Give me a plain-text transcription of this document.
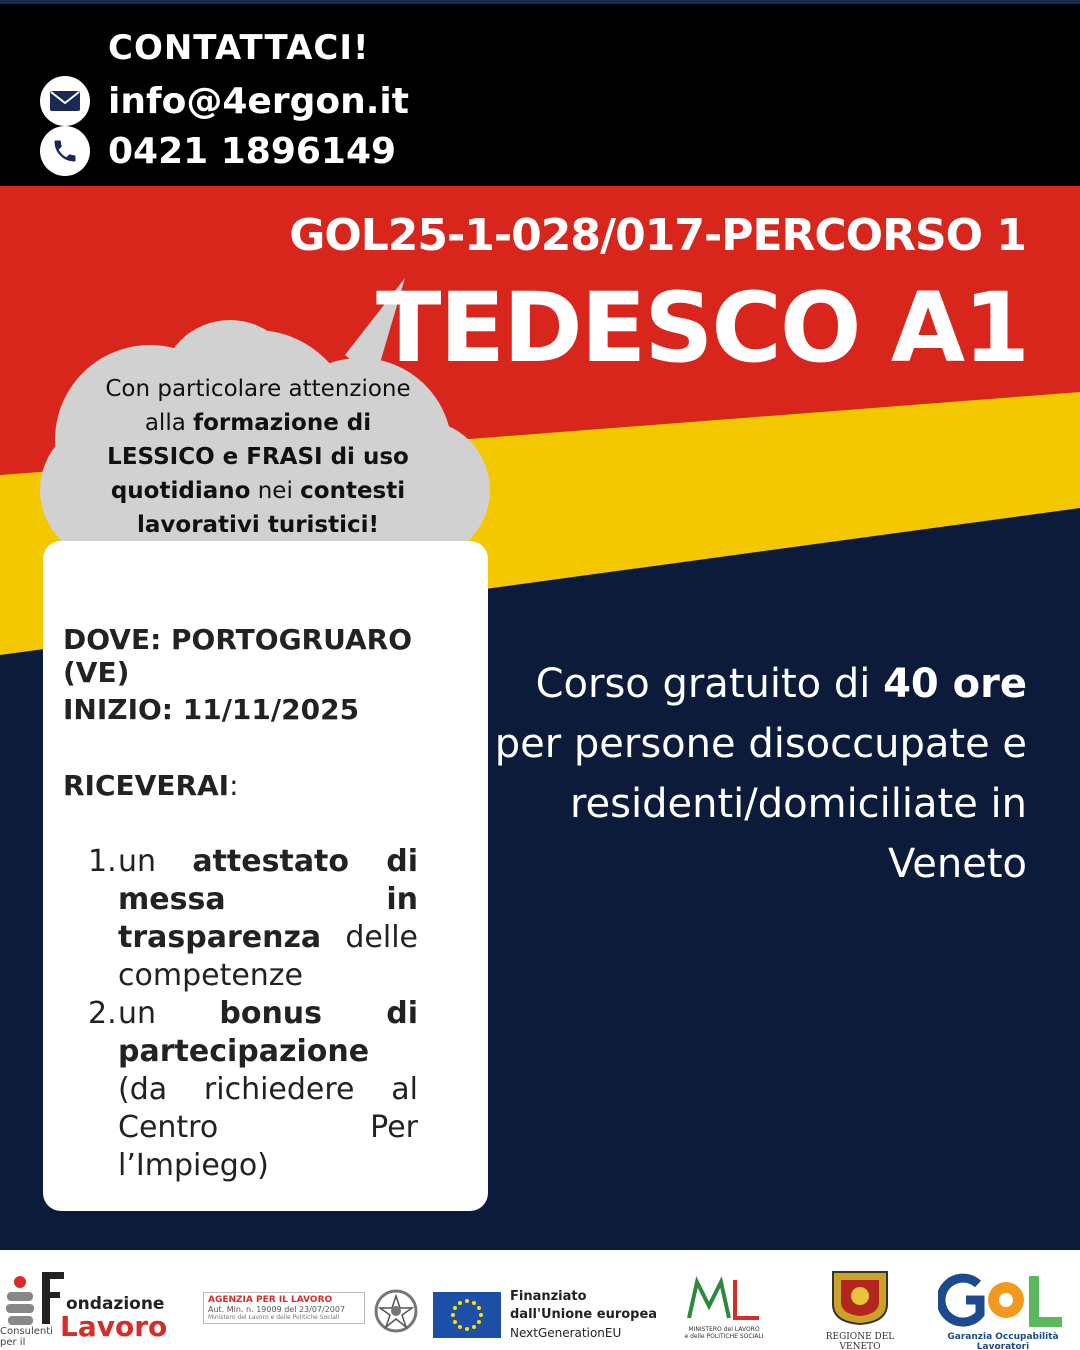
CONTATTACI!
info@4ergon.it
0421 1896149
GOL25-1-028/017-PERCORSO 1
TEDESCO A1
Con particolare attenzione
alla formazione di
LESSICO e FRASI di uso
quotidiano nei contesti
lavorativi turistici!
DOVE: PORTOGRUARO (VE)
INIZIO: 11/11/2025
RICEVERAI:
1. un attestato di messa in trasparenza delle competenze
2. un bonus di partecipazione (da richiedere al Centro Per l’Impiego)
Corso gratuito di 40 ore
per persone disoccupate e residenti/domiciliate in Veneto
ondazione
Lavoro
Consulenti per il
AGENZIA PER IL LAVORO
Aut. Min. n. 19009 del 23/07/2007
Ministero del Lavoro e delle Politiche Sociali
Finanziato
dall'Unione europea
NextGenerationEU	MINISTERO del LAVORO
e delle POLITICHE SOCIALI	REGIONE DEL VENETO
Garanzia Occupabilità Lavoratori
